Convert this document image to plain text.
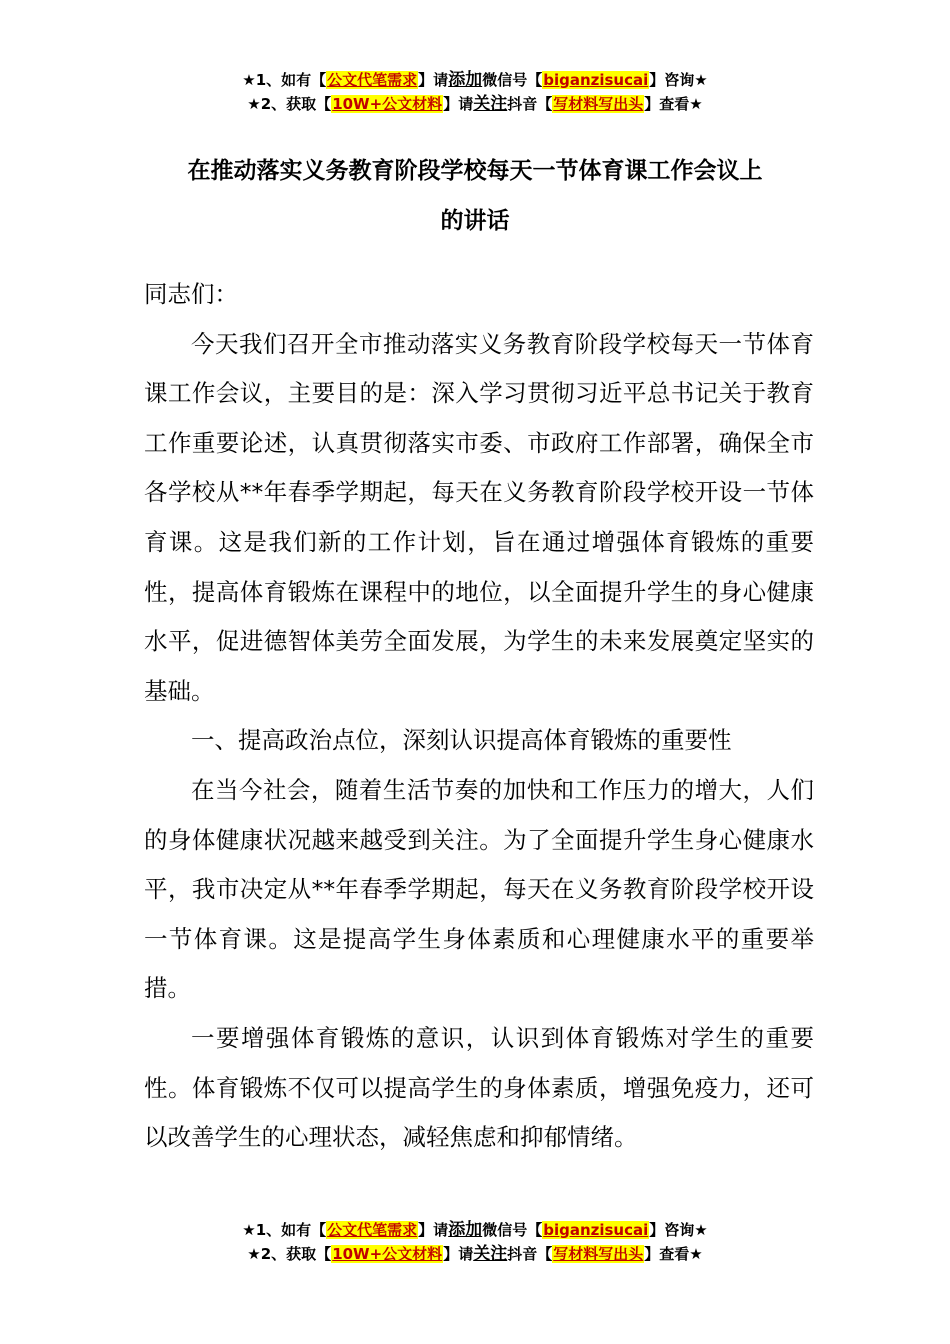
★1、如有【公文代笔需求】请添加微信号【biganzisucai】咨询★
★2、获取【10W+公文材料】请关注抖音【写材料写出头】查看★
在推动落实义务教育阶段学校每天一节体育课工作会议上
的讲话

同志们：

今天我们召开全市推动落实义务教育阶段学校每天一节体育课工作会议，主要目的是：深入学习贯彻习近平总书记关于教育工作重要论述，认真贯彻落实市委、市政府工作部署，确保全市各学校从**年春季学期起，每天在义务教育阶段学校开设一节体育课。这是我们新的工作计划，旨在通过增强体育锻炼的重要性，提高体育锻炼在课程中的地位，以全面提升学生的身心健康水平，促进德智体美劳全面发展，为学生的未来发展奠定坚实的基础。

一、提高政治点位，深刻认识提高体育锻炼的重要性

在当今社会，随着生活节奏的加快和工作压力的增大，人们的身体健康状况越来越受到关注。为了全面提升学生身心健康水平，我市决定从**年春季学期起，每天在义务教育阶段学校开设一节体育课。这是提高学生身体素质和心理健康水平的重要举措。

一要增强体育锻炼的意识，认识到体育锻炼对学生的重要性。体育锻炼不仅可以提高学生的身体素质，增强免疫力，还可以改善学生的心理状态，减轻焦虑和抑郁情绪。

★1、如有【公文代笔需求】请添加微信号【biganzisucai】咨询★
★2、获取【10W+公文材料】请关注抖音【写材料写出头】查看★
